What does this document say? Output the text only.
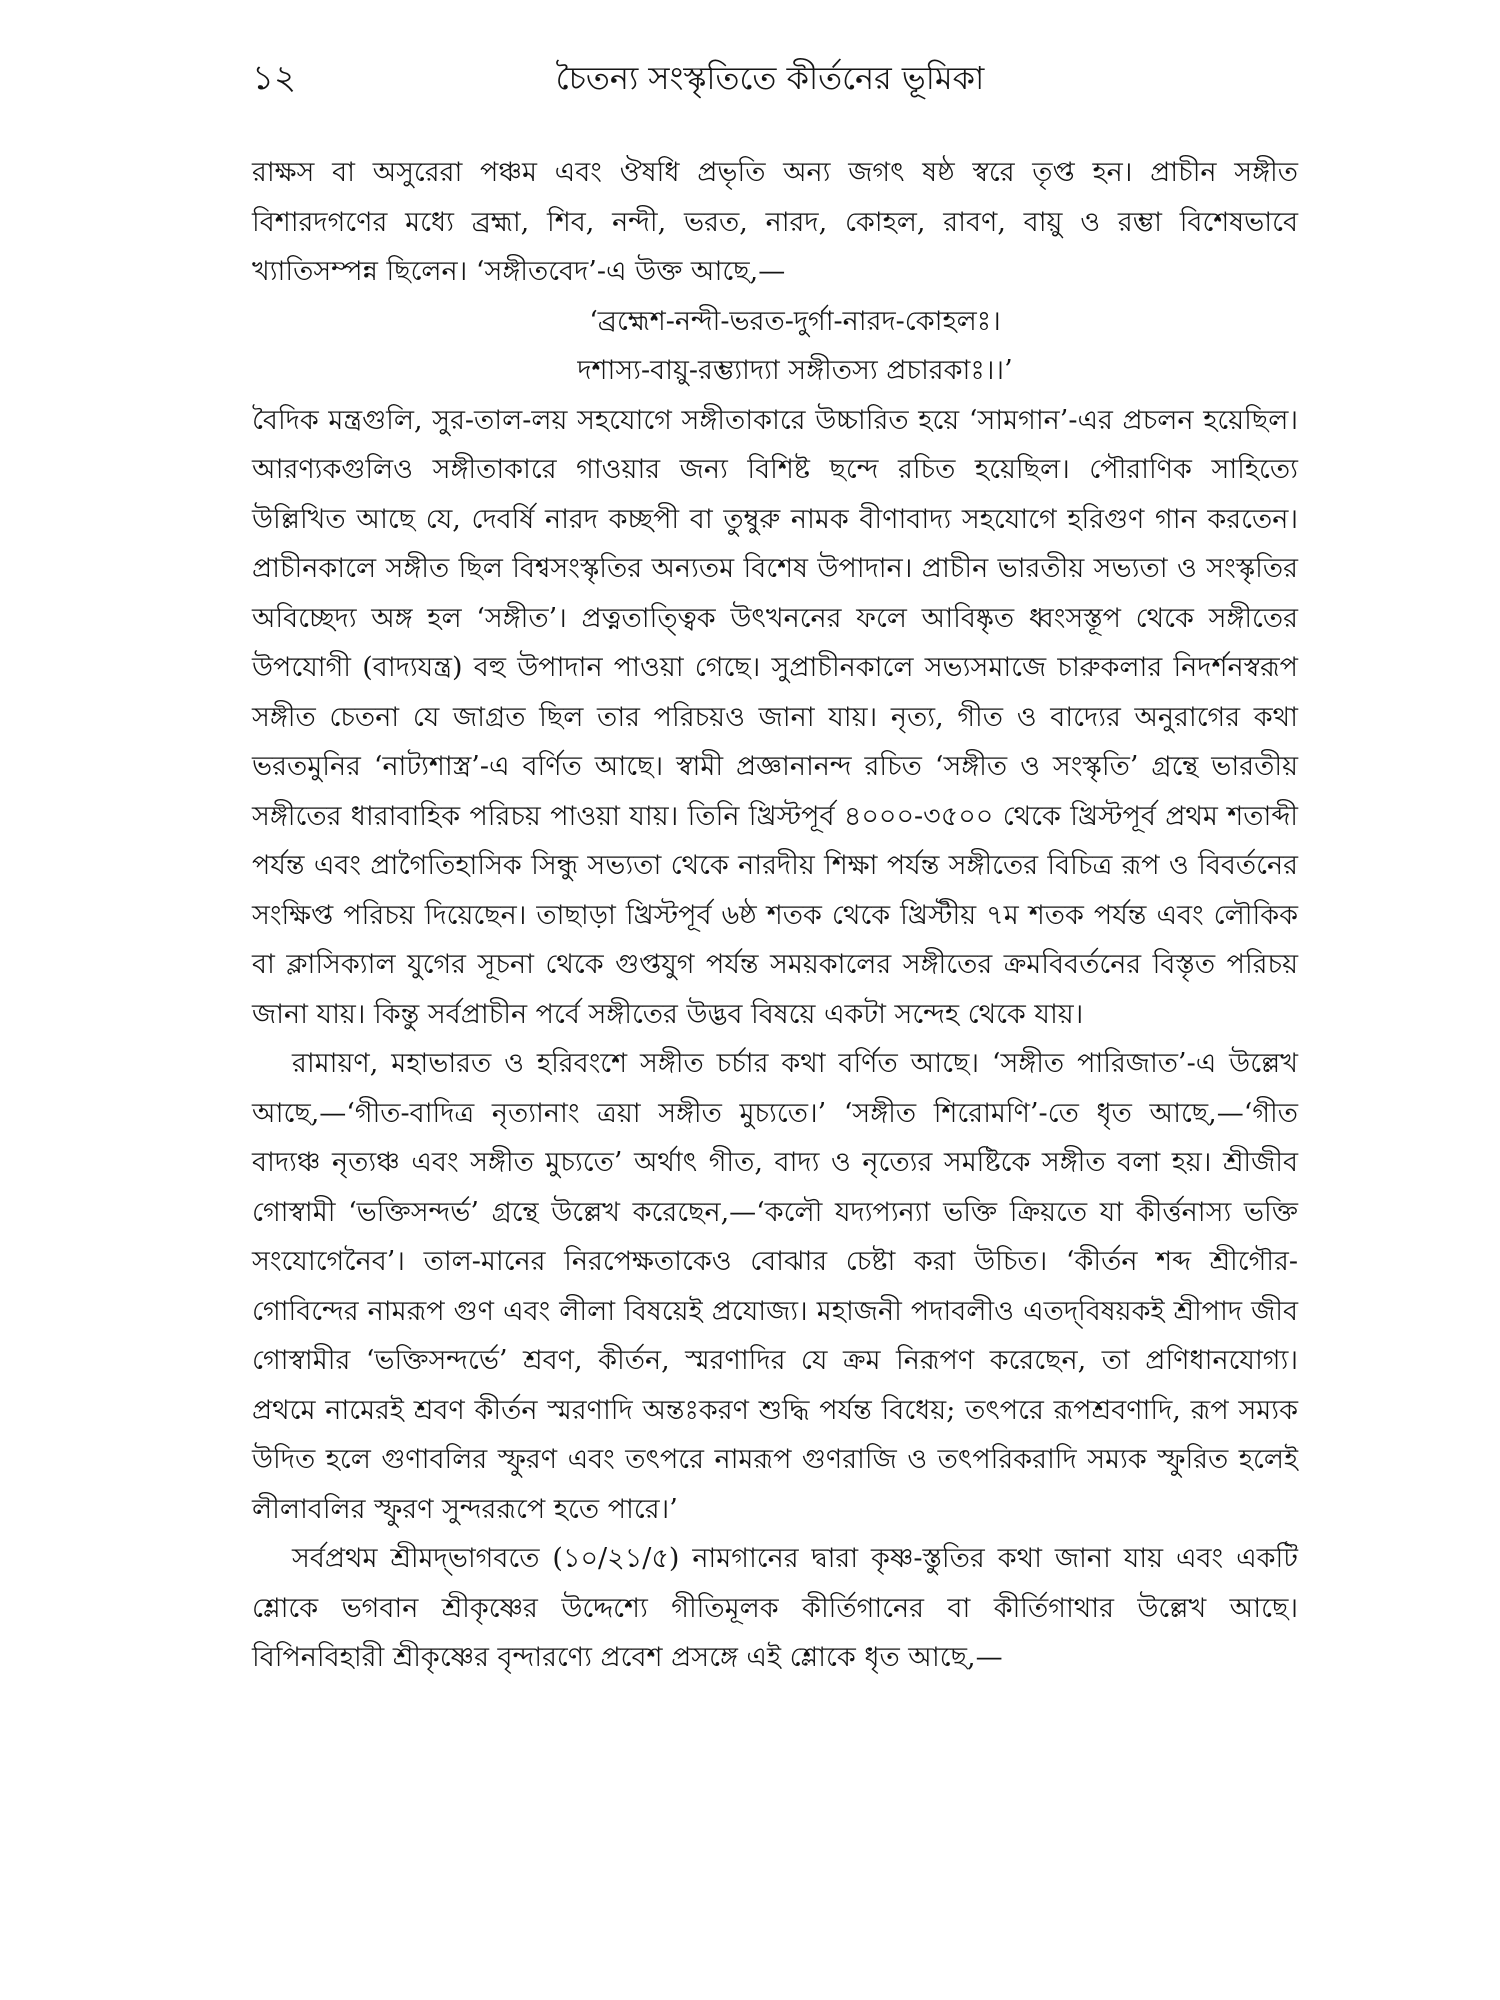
১২	চৈতন্য সংস্কৃতিতে কীর্তনের ভূমিকা

রাক্ষস বা অসুরেরা পঞ্চম এবং ঔষধি প্রভৃতি অন্য জগৎ ষষ্ঠ স্বরে তৃপ্ত হন। প্রাচীন সঙ্গীত বিশারদগণের মধ্যে ব্রহ্মা, শিব, নন্দী, ভরত, নারদ, কোহল, রাবণ, বায়ু ও রম্ভা বিশেষভাবে খ্যাতিসম্পন্ন ছিলেন। ‘সঙ্গীতবেদ’-এ উক্ত আছে,—

‘ব্রহ্মেশ-নন্দী-ভরত-দুর্গা-নারদ-কোহলঃ।

দশাস্য-বায়ু-রম্ভ্যাদ্যা সঙ্গীতস্য প্রচারকাঃ।।’

বৈদিক মন্ত্রগুলি, সুর-তাল-লয় সহযোগে সঙ্গীতাকারে উচ্চারিত হয়ে ‘সামগান’-এর প্রচলন হয়েছিল। আরণ্যকগুলিও সঙ্গীতাকারে গাওয়ার জন্য বিশিষ্ট ছন্দে রচিত হয়েছিল। পৌরাণিক সাহিত্যে উল্লিখিত আছে যে, দেবর্ষি নারদ কচ্ছপী বা তুম্বুরু নামক বীণাবাদ্য সহযোগে হরিগুণ গান করতেন। প্রাচীনকালে সঙ্গীত ছিল বিশ্বসংস্কৃতির অন্যতম বিশেষ উপাদান। প্রাচীন ভারতীয় সভ্যতা ও সংস্কৃতির অবিচ্ছেদ্য অঙ্গ হল ‘সঙ্গীত’। প্রত্নতাত্ত্বিক উৎখননের ফলে আবিষ্কৃত ধ্বংসস্তূপ থেকে সঙ্গীতের উপযোগী (বাদ্যযন্ত্র) বহু উপাদান পাওয়া গেছে। সুপ্রাচীনকালে সভ্যসমাজে চারুকলার নিদর্শনস্বরূপ সঙ্গীত চেতনা যে জাগ্রত ছিল তার পরিচয়ও জানা যায়। নৃত্য, গীত ও বাদ্যের অনুরাগের কথা ভরতমুনির ‘নাট্যশাস্ত্র’-এ বর্ণিত আছে। স্বামী প্রজ্ঞানানন্দ রচিত ‘সঙ্গীত ও সংস্কৃতি’ গ্রন্থে ভারতীয় সঙ্গীতের ধারাবাহিক পরিচয় পাওয়া যায়। তিনি খ্রিস্টপূর্ব ৪০০০-৩৫০০ থেকে খ্রিস্টপূর্ব প্রথম শতাব্দী পর্যন্ত এবং প্রাগৈতিহাসিক সিন্ধু সভ্যতা থেকে নারদীয় শিক্ষা পর্যন্ত সঙ্গীতের বিচিত্র রূপ ও বিবর্তনের সংক্ষিপ্ত পরিচয় দিয়েছেন। তাছাড়া খ্রিস্টপূর্ব ৬ষ্ঠ শতক থেকে খ্রিস্টীয় ৭ম শতক পর্যন্ত এবং লৌকিক বা ক্লাসিক্যাল যুগের সূচনা থেকে গুপ্তযুগ পর্যন্ত সময়কালের সঙ্গীতের ক্রমবিবর্তনের বিস্তৃত পরিচয় জানা যায়। কিন্তু সর্বপ্রাচীন পর্বে সঙ্গীতের উদ্ভব বিষয়ে একটা সন্দেহ থেকে যায়।

রামায়ণ, মহাভারত ও হরিবংশে সঙ্গীত চর্চার কথা বর্ণিত আছে। ‘সঙ্গীত পারিজাত’-এ উল্লেখ আছে,—‘গীত-বাদিত্র নৃত্যানাং ত্রয়া সঙ্গীত মুচ্যতে।’ ‘সঙ্গীত শিরোমণি’-তে ধৃত আছে,—‘গীত বাদ্যঞ্চ নৃত্যঞ্চ এবং সঙ্গীত মুচ্যতে’ অর্থাৎ গীত, বাদ্য ও নৃত্যের সমষ্টিকে সঙ্গীত বলা হয়। শ্রীজীব গোস্বামী ‘ভক্তিসন্দর্ভ’ গ্রন্থে উল্লেখ করেছেন,—‘কলৌ যদ্যপ্যন্যা ভক্তি ক্রিয়তে যা কীর্ত্তনাস্য ভক্তি সংযোগেনৈব’। তাল-মানের নিরপেক্ষতাকেও বোঝার চেষ্টা করা উচিত। ‘কীর্তন শব্দ শ্রীগৌর-গোবিন্দের নামরূপ গুণ এবং লীলা বিষয়েই প্রযোজ্য। মহাজনী পদাবলীও এতদ্‌বিষয়কই শ্রীপাদ জীব গোস্বামীর ‘ভক্তিসন্দর্ভে’ শ্রবণ, কীর্তন, স্মরণাদির যে ক্রম নিরূপণ করেছেন, তা প্রণিধানযোগ্য। প্রথমে নামেরই শ্রবণ কীর্তন স্মরণাদি অন্তঃকরণ শুদ্ধি পর্যন্ত বিধেয়; তৎপরে রূপশ্রবণাদি, রূপ সম্যক উদিত হলে গুণাবলির স্ফুরণ এবং তৎপরে নামরূপ গুণরাজি ও তৎপরিকরাদি সম্যক স্ফুরিত হলেই লীলাবলির স্ফুরণ সুন্দররূপে হতে পারে।’

সর্বপ্রথম শ্রীমদ্‌ভাগবতে (১০/২১/৫) নামগানের দ্বারা কৃষ্ণ-স্তুতির কথা জানা যায় এবং একটি শ্লোকে ভগবান শ্রীকৃষ্ণের উদ্দেশ্যে গীতিমূলক কীর্তিগানের বা কীর্তিগাথার উল্লেখ আছে। বিপিনবিহারী শ্রীকৃষ্ণের বৃন্দারণ্যে প্রবেশ প্রসঙ্গে এই শ্লোকে ধৃত আছে,—
